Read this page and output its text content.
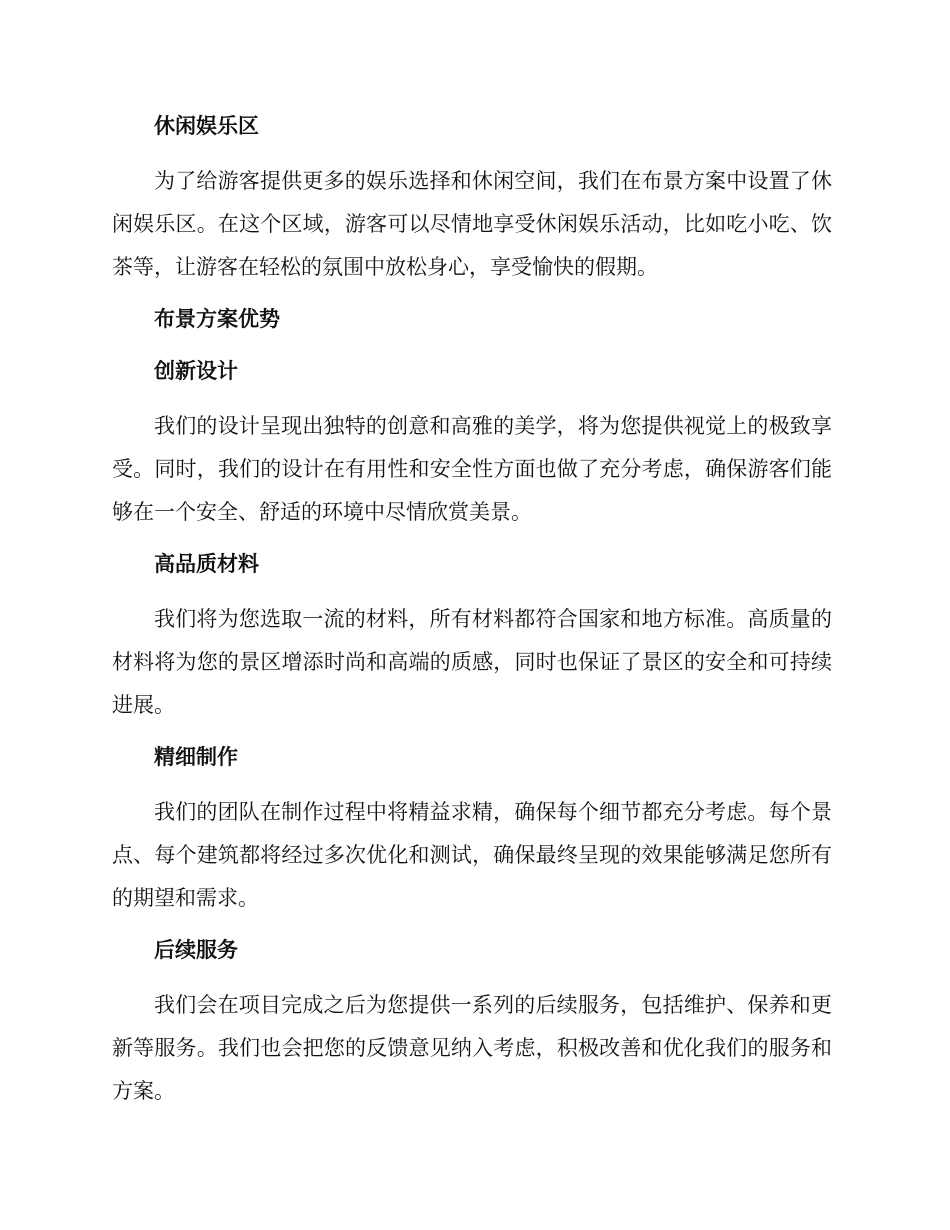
休闲娱乐区
为了给游客提供更多的娱乐选择和休闲空间，我们在布景方案中设置了休闲娱乐区。在这个区域，游客可以尽情地享受休闲娱乐活动，比如吃小吃、饮茶等，让游客在轻松的氛围中放松身心，享受愉快的假期。
布景方案优势
创新设计
我们的设计呈现出独特的创意和高雅的美学，将为您提供视觉上的极致享受。同时，我们的设计在有用性和安全性方面也做了充分考虑，确保游客们能够在一个安全、舒适的环境中尽情欣赏美景。
高品质材料
我们将为您选取一流的材料，所有材料都符合国家和地方标准。高质量的材料将为您的景区增添时尚和高端的质感，同时也保证了景区的安全和可持续进展。
精细制作
我们的团队在制作过程中将精益求精，确保每个细节都充分考虑。每个景点、每个建筑都将经过多次优化和测试，确保最终呈现的效果能够满足您所有的期望和需求。
后续服务
我们会在项目完成之后为您提供一系列的后续服务，包括维护、保养和更新等服务。我们也会把您的反馈意见纳入考虑，积极改善和优化我们的服务和方案。
